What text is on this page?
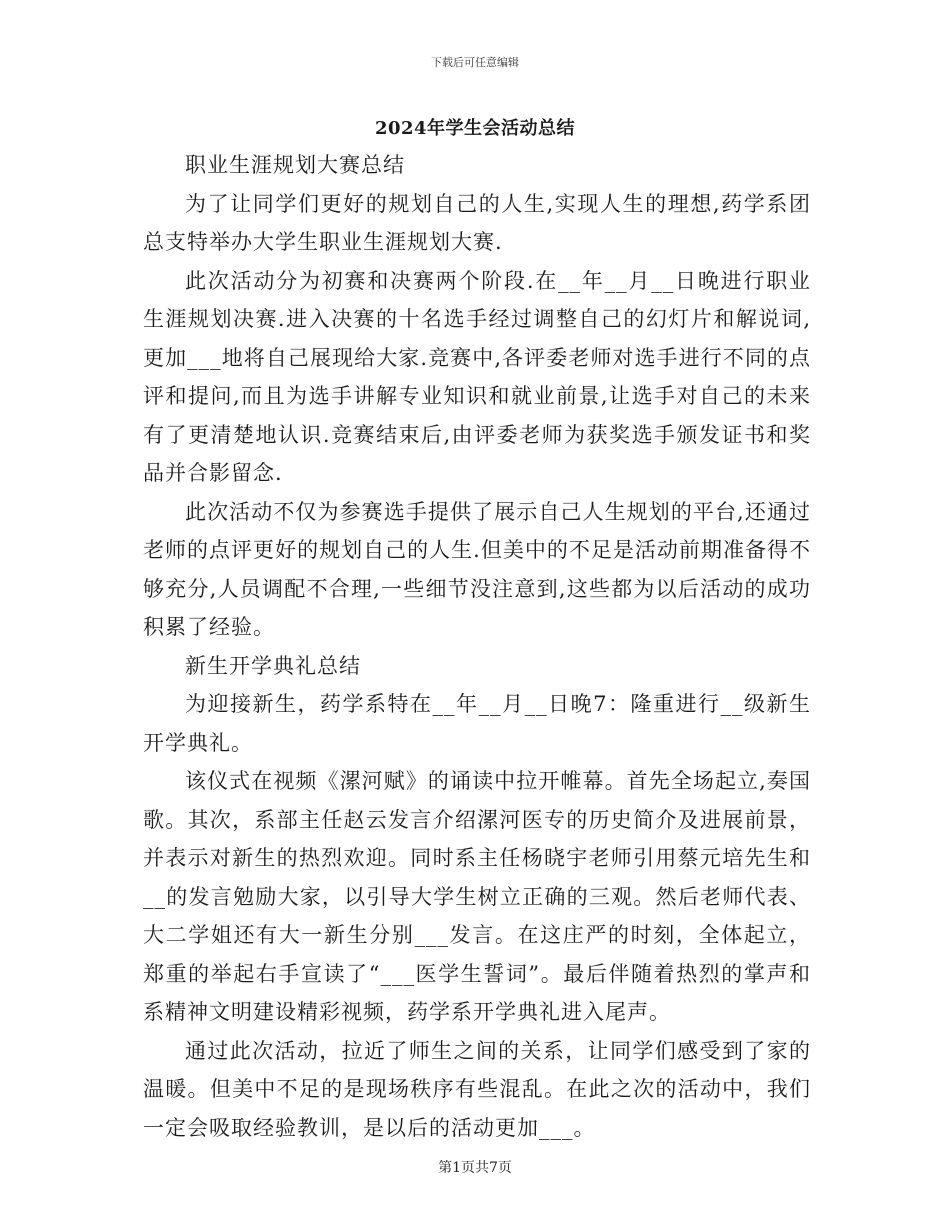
下载后可任意编辑
2024年学生会活动总结

职业生涯规划大赛总结

为了让同学们更好的规划自己的人生,实现人生的理想,药学系团总支特举办大学生职业生涯规划大赛.

此次活动分为初赛和决赛两个阶段.在__年__月__日晚进行职业生涯规划决赛.进入决赛的十名选手经过调整自己的幻灯片和解说词,更加___地将自己展现给大家.竞赛中,各评委老师对选手进行不同的点评和提问,而且为选手讲解专业知识和就业前景,让选手对自己的未来有了更清楚地认识.竞赛结束后,由评委老师为获奖选手颁发证书和奖品并合影留念.

此次活动不仅为参赛选手提供了展示自己人生规划的平台,还通过老师的点评更好的规划自己的人生.但美中的不足是活动前期准备得不够充分,人员调配不合理,一些细节没注意到,这些都为以后活动的成功积累了经验。

新生开学典礼总结

为迎接新生，药学系特在__年__月__日晚7：隆重进行__级新生开学典礼。

该仪式在视频《漯河赋》的诵读中拉开帷幕。首先全场起立,奏国歌。其次，系部主任赵云发言介绍漯河医专的历史简介及进展前景，并表示对新生的热烈欢迎。同时系主任杨晓宇老师引用蔡元培先生和__的发言勉励大家，以引导大学生树立正确的三观。然后老师代表、大二学姐还有大一新生分别___发言。在这庄严的时刻，全体起立，郑重的举起右手宣读了“___医学生誓词”。最后伴随着热烈的掌声和系精神文明建设精彩视频，药学系开学典礼进入尾声。

通过此次活动，拉近了师生之间的关系，让同学们感受到了家的温暖。但美中不足的是现场秩序有些混乱。在此之次的活动中，我们一定会吸取经验教训，是以后的活动更加___。

第1页共7页
